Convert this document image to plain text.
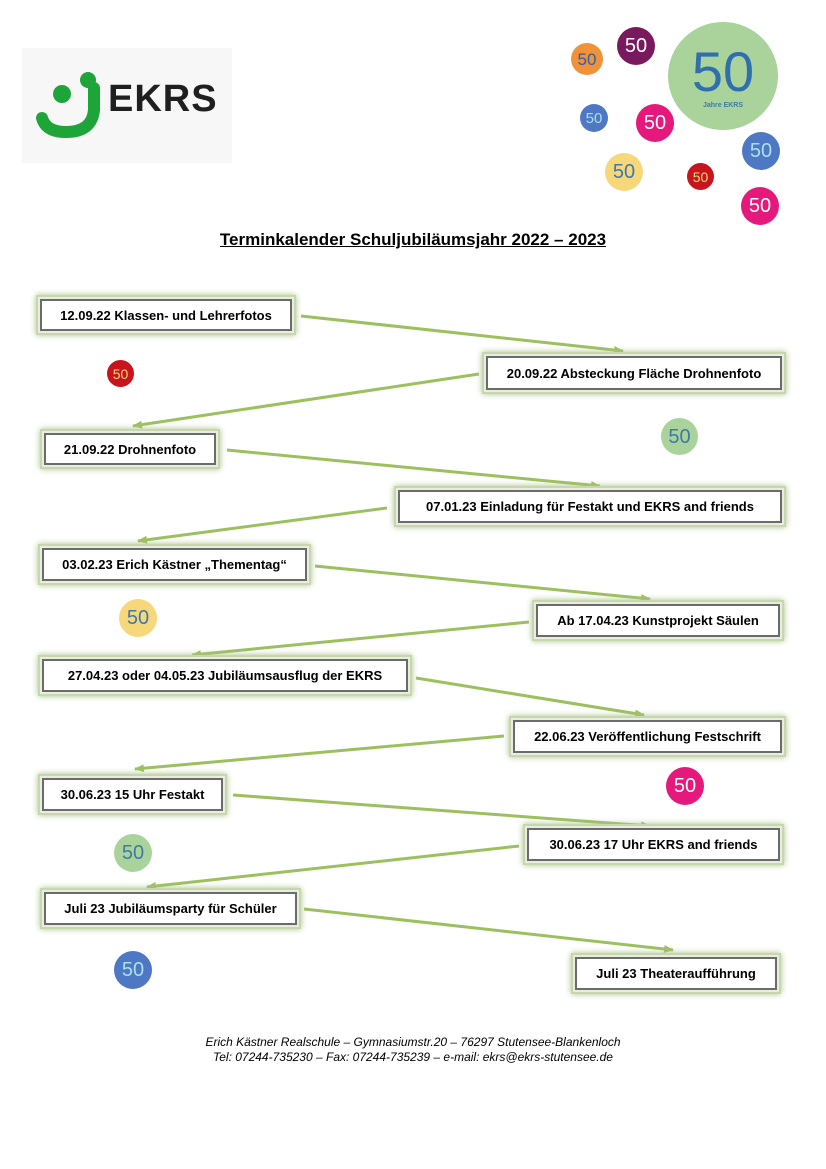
EKRS	50
Jahre EKRS
50
50
50 50
50
50	50
50
50
50
50
50
50
50
Terminkalender Schuljubiläumsjahr 2022 – 2023
12.09.22 Klassen- und Lehrerfotos
20.09.22 Absteckung Fläche Drohnenfoto
21.09.22 Drohnenfoto
07.01.23 Einladung für Festakt und EKRS and friends
03.02.23 Erich Kästner „Thementag“
Ab 17.04.23 Kunstprojekt Säulen
27.04.23 oder 04.05.23 Jubiläumsausflug der EKRS
22.06.23 Veröffentlichung Festschrift
30.06.23 15 Uhr Festakt
30.06.23 17 Uhr EKRS and friends
Juli 23 Jubiläumsparty für Schüler
Juli 23 Theateraufführung
Erich Kästner Realschule – Gymnasiumstr.20 – 76297 Stutensee-Blankenloch
Tel: 07244-735230 – Fax: 07244-735239 – e-mail: ekrs@ekrs-stutensee.de
